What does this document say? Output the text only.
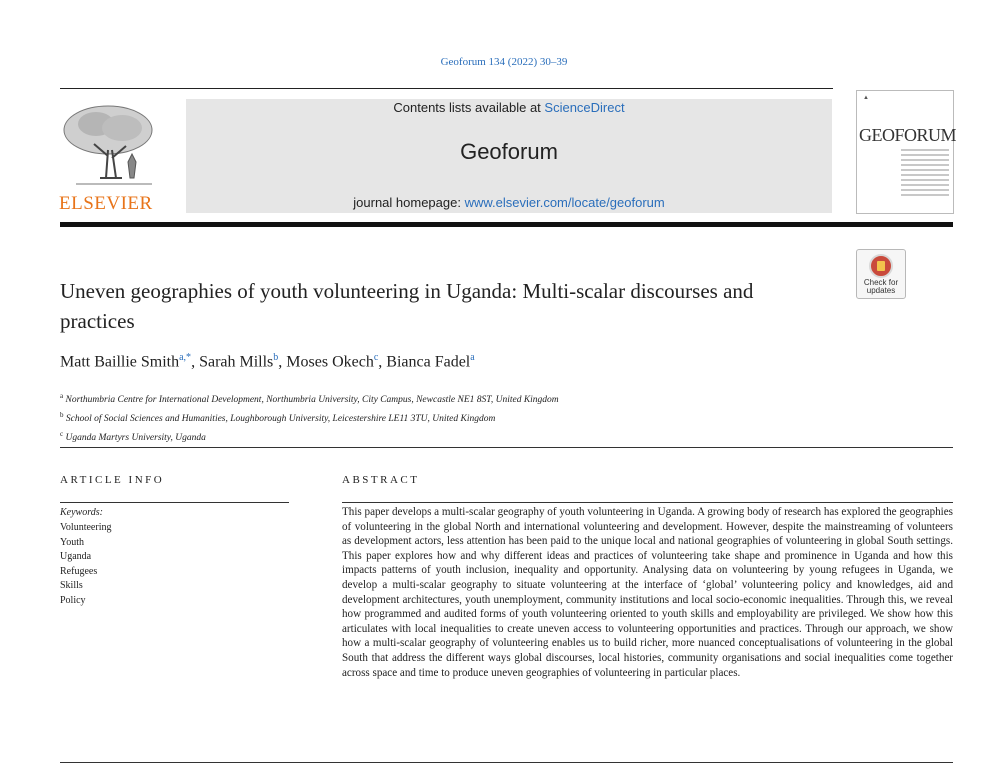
Geoforum 134 (2022) 30–39
ELSEVIER
Contents lists available at ScienceDirect
Geoforum
journal homepage: www.elsevier.com/locate/geoforum
▲
GEOFORUM
Check for
updates
Uneven geographies of youth volunteering in Uganda: Multi-scalar discourses and practices
Matt Baillie Smith$^{a,*}$, Sarah Mills$^b$, Moses Okech$^c$, Bianca Fadel$^a$
$^a$ Northumbria Centre for International Development, Northumbria University, City Campus, Newcastle NE1 8ST, United Kingdom
$^b$ School of Social Sciences and Humanities, Loughborough University, Leicestershire LE11 3TU, United Kingdom
$^c$ Uganda Martyrs University, Uganda
ARTICLE INFO
Keywords:
Volunteering
Youth
Uganda
Refugees
Skills
Policy
ABSTRACT
This paper develops a multi-scalar geography of youth volunteering in Uganda. A growing body of research has explored the geographies of volunteering in the global North and international volunteering and development. However, despite the mainstreaming of volunteers as development actors, less attention has been paid to the unique local and national geographies of volunteering in global South settings. This paper explores how and why different ideas and practices of volunteering take shape and prominence in Uganda and how this impacts patterns of youth inclusion, inequality and opportunity. Analysing data on volunteering by young refugees in Uganda, we develop a multi-scalar geography to situate volunteering at the interface of ‘global’ volunteering policy and knowledges, aid and development architectures, youth unemployment, community institutions and local socio-economic inequalities. Through this, we reveal how programmed and audited forms of youth volunteering oriented to youth skills and employability are privileged. We show how this articulates with local inequalities to create uneven access to volunteering opportunities and practices. Through our approach, we show how a multi-scalar geography of volunteering enables us to build richer, more nuanced conceptualisations of volunteering in the global South that address the different ways global discourses, local histories, community organisations and social inequalities come together across space and time to produce uneven geographies of volunteering in particular places.
